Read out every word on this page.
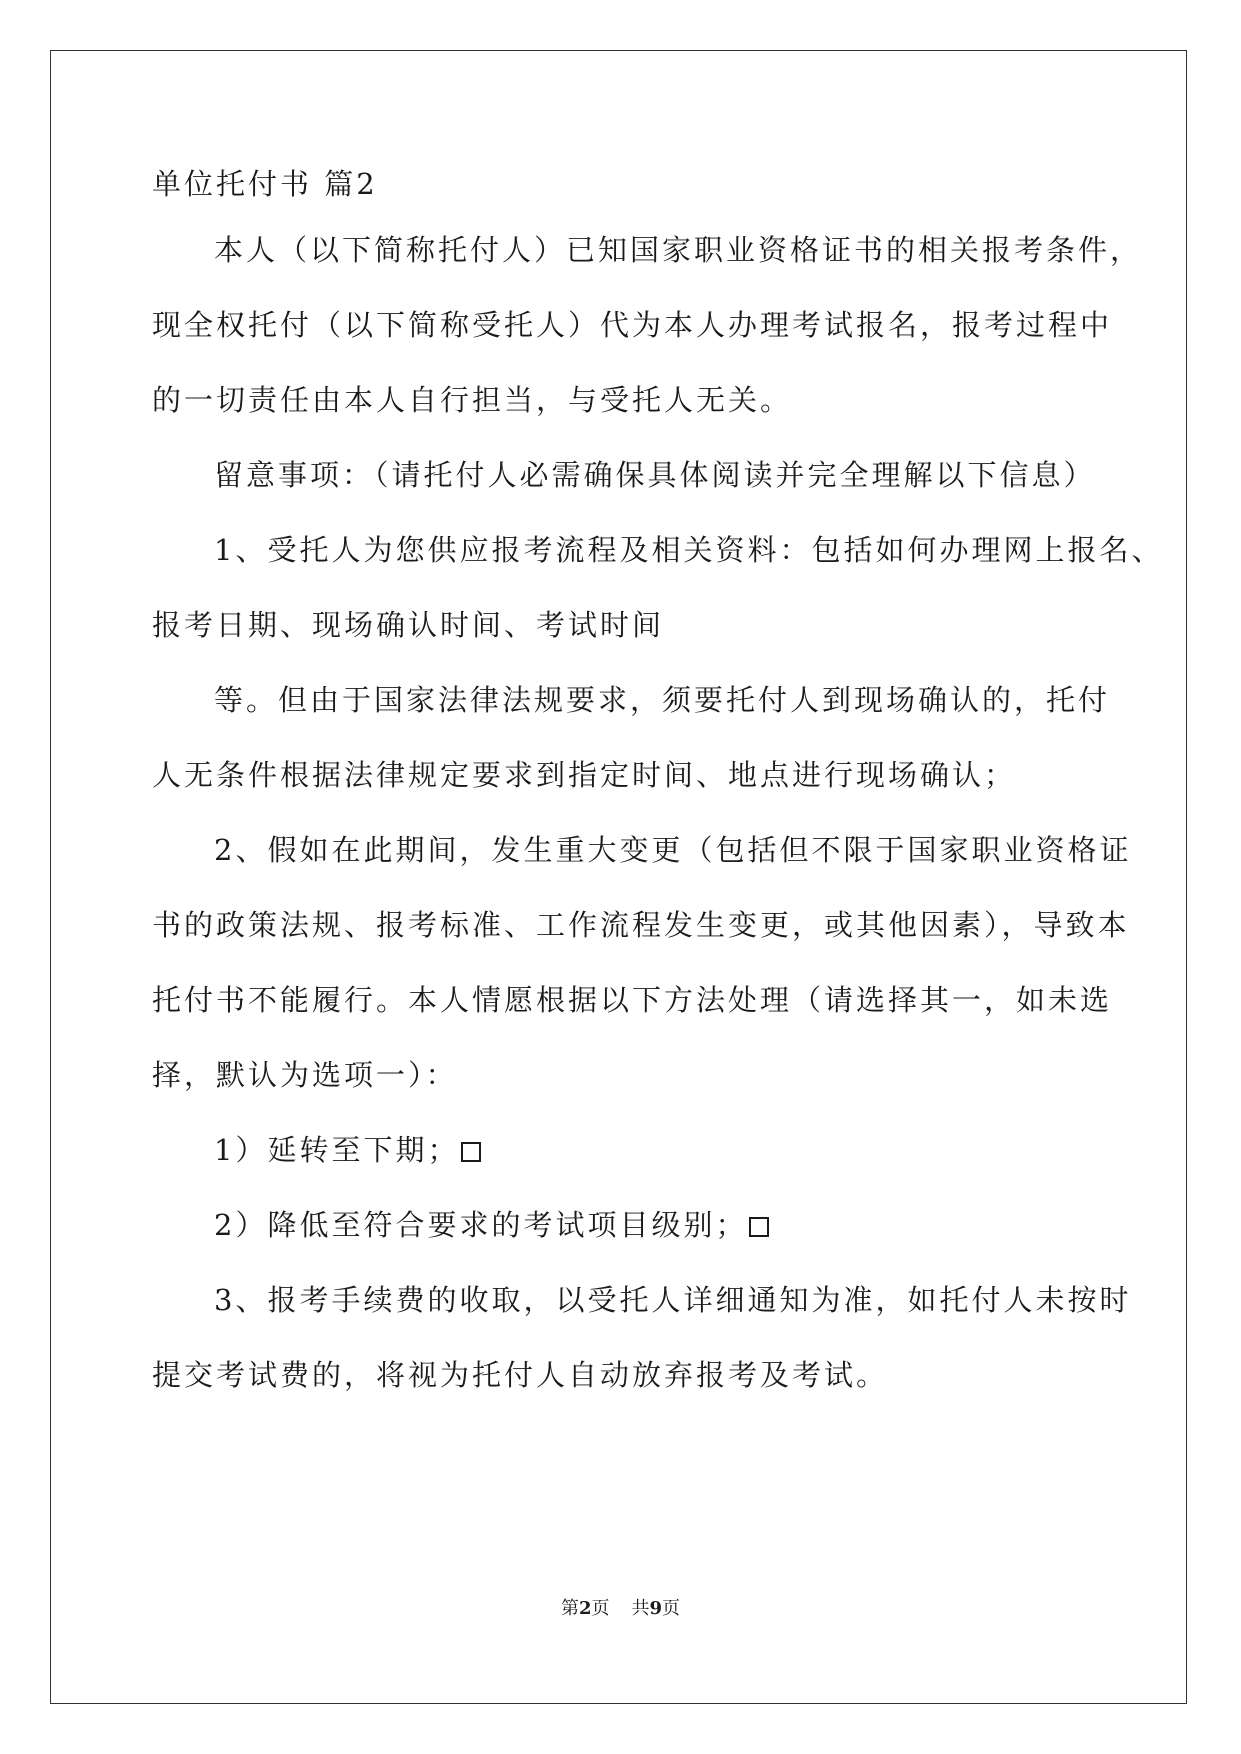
单位托付书 篇2
本人（以下简称托付人）已知国家职业资格证书的相关报考条件，
现全权托付（以下简称受托人）代为本人办理考试报名，报考过程中
的一切责任由本人自行担当，与受托人无关。
留意事项：（请托付人必需确保具体阅读并完全理解以下信息）
1、受托人为您供应报考流程及相关资料：包括如何办理网上报名、
报考日期、现场确认时间、考试时间
等。但由于国家法律法规要求，须要托付人到现场确认的，托付
人无条件根据法律规定要求到指定时间、地点进行现场确认；
2、假如在此期间，发生重大变更（包括但不限于国家职业资格证
书的政策法规、报考标准、工作流程发生变更，或其他因素），导致本
托付书不能履行。本人情愿根据以下方法处理（请选择其一，如未选
择，默认为选项一）：
1）延转至下期；
2）降低至符合要求的考试项目级别；
3、报考手续费的收取，以受托人详细通知为准，如托付人未按时
提交考试费的，将视为托付人自动放弃报考及考试。
第2页 共9页
